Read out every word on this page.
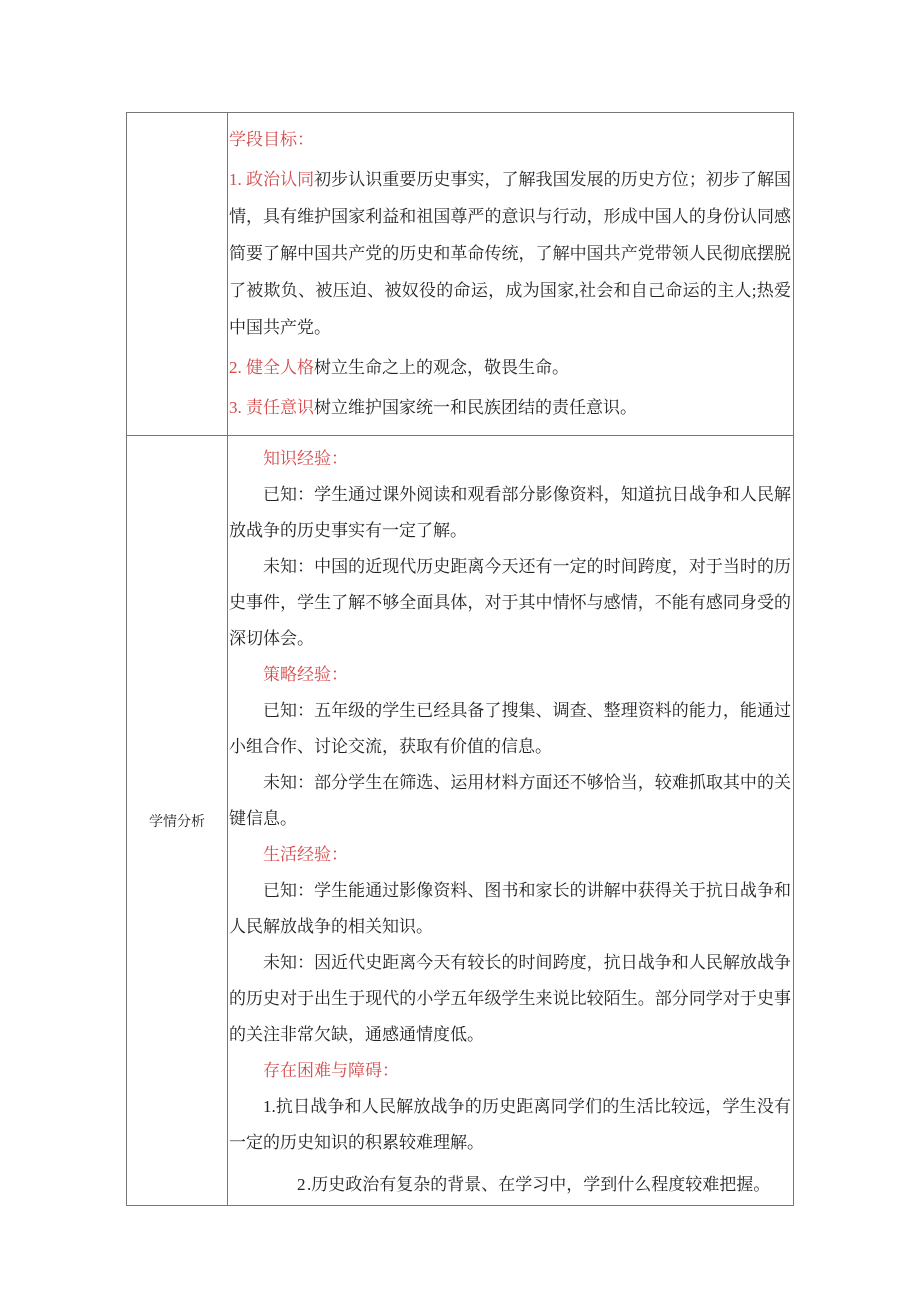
学段目标：

1. 政治认同初步认识重要历史事实，了解我国发展的历史方位；初步了解国情，具有维护国家利益和祖国尊严的意识与行动，形成中国人的身份认同感简要了解中国共产党的历史和革命传统，了解中国共产党带领人民彻底摆脱了被欺负、被压迫、被奴役的命运，成为国家,社会和自己命运的主人;热爱中国共产党。

2. 健全人格树立生命之上的观念，敬畏生命。

3. 责任意识树立维护国家统一和民族团结的责任意识。

学情分析

知识经验：

已知：学生通过课外阅读和观看部分影像资料，知道抗日战争和人民解放战争的历史事实有一定了解。

未知：中国的近现代历史距离今天还有一定的时间跨度，对于当时的历史事件，学生了解不够全面具体，对于其中情怀与感情，不能有感同身受的深切体会。

策略经验：

已知：五年级的学生已经具备了搜集、调查、整理资料的能力，能通过小组合作、讨论交流，获取有价值的信息。

未知：部分学生在筛选、运用材料方面还不够恰当，较难抓取其中的关键信息。

生活经验：

已知：学生能通过影像资料、图书和家长的讲解中获得关于抗日战争和人民解放战争的相关知识。

未知：因近代史距离今天有较长的时间跨度，抗日战争和人民解放战争的历史对于出生于现代的小学五年级学生来说比较陌生。部分同学对于史事的关注非常欠缺，通感通情度低。

存在困难与障碍：

1.抗日战争和人民解放战争的历史距离同学们的生活比较远，学生没有一定的历史知识的积累较难理解。

2.历史政治有复杂的背景、在学习中，学到什么程度较难把握。
